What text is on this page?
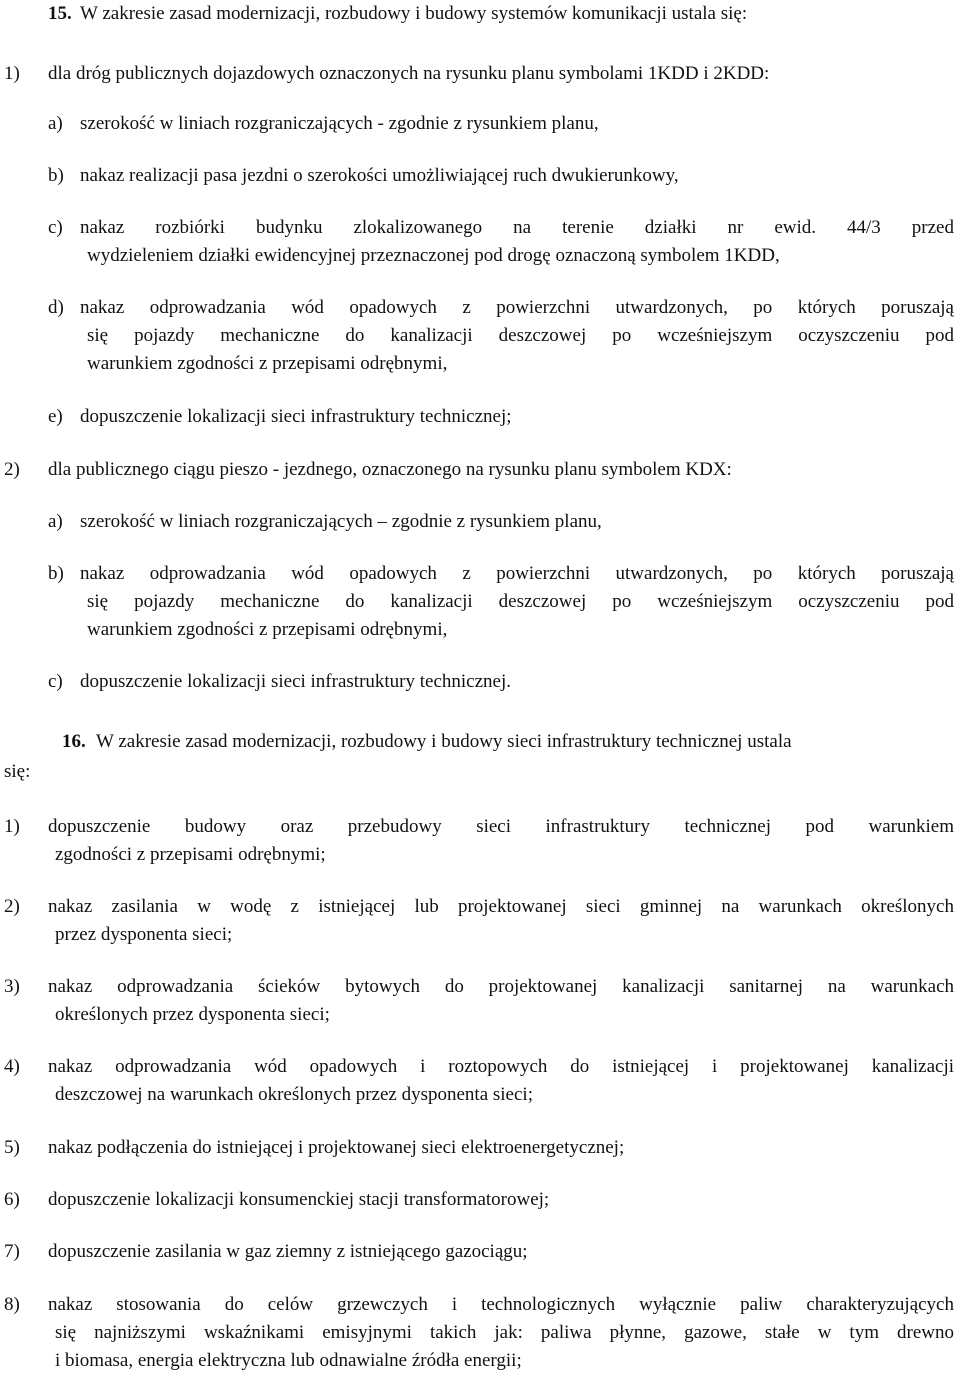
15. W zakresie zasad modernizacji, rozbudowy i budowy systemów komunikacji ustala się:
1) dla dróg publicznych dojazdowych oznaczonych na rysunku planu symbolami 1KDD i 2KDD:
a) szerokość w liniach rozgraniczających - zgodnie z rysunkiem planu,
b) nakaz realizacji pasa jezdni o szerokości umożliwiającej ruch dwukierunkowy,
c) nakaz rozbiórki budynku zlokalizowanego na terenie działki nr ewid. 44/3 przed
wydzieleniem działki ewidencyjnej przeznaczonej pod drogę oznaczoną symbolem 1KDD,
d) nakaz odprowadzania wód opadowych z powierzchni utwardzonych, po których poruszają
się pojazdy mechaniczne do kanalizacji deszczowej po wcześniejszym oczyszczeniu pod
warunkiem zgodności z przepisami odrębnymi,
e) dopuszczenie lokalizacji sieci infrastruktury technicznej;
2) dla publicznego ciągu pieszo - jezdnego, oznaczonego na rysunku planu symbolem KDX:
a) szerokość w liniach rozgraniczających – zgodnie z rysunkiem planu,
b) nakaz odprowadzania wód opadowych z powierzchni utwardzonych, po których poruszają
się pojazdy mechaniczne do kanalizacji deszczowej po wcześniejszym oczyszczeniu pod
warunkiem zgodności z przepisami odrębnymi,
c) dopuszczenie lokalizacji sieci infrastruktury technicznej.
16. W zakresie zasad modernizacji, rozbudowy i budowy sieci infrastruktury technicznej ustala
się:
1) dopuszczenie budowy oraz przebudowy sieci infrastruktury technicznej pod warunkiem
zgodności z przepisami odrębnymi;
2) nakaz zasilania w wodę z istniejącej lub projektowanej sieci gminnej na warunkach określonych
przez dysponenta sieci;
3) nakaz odprowadzania ścieków bytowych do projektowanej kanalizacji sanitarnej na warunkach
określonych przez dysponenta sieci;
4) nakaz odprowadzania wód opadowych i roztopowych do istniejącej i projektowanej kanalizacji
deszczowej na warunkach określonych przez dysponenta sieci;
5) nakaz podłączenia do istniejącej i projektowanej sieci elektroenergetycznej;
6) dopuszczenie lokalizacji konsumenckiej stacji transformatorowej;
7) dopuszczenie zasilania w gaz ziemny z istniejącego gazociągu;
8) nakaz stosowania do celów grzewczych i technologicznych wyłącznie paliw charakteryzujących
się najniższymi wskaźnikami emisyjnymi takich jak: paliwa płynne, gazowe, stałe w tym drewno
i biomasa, energia elektryczna lub odnawialne źródła energii;
